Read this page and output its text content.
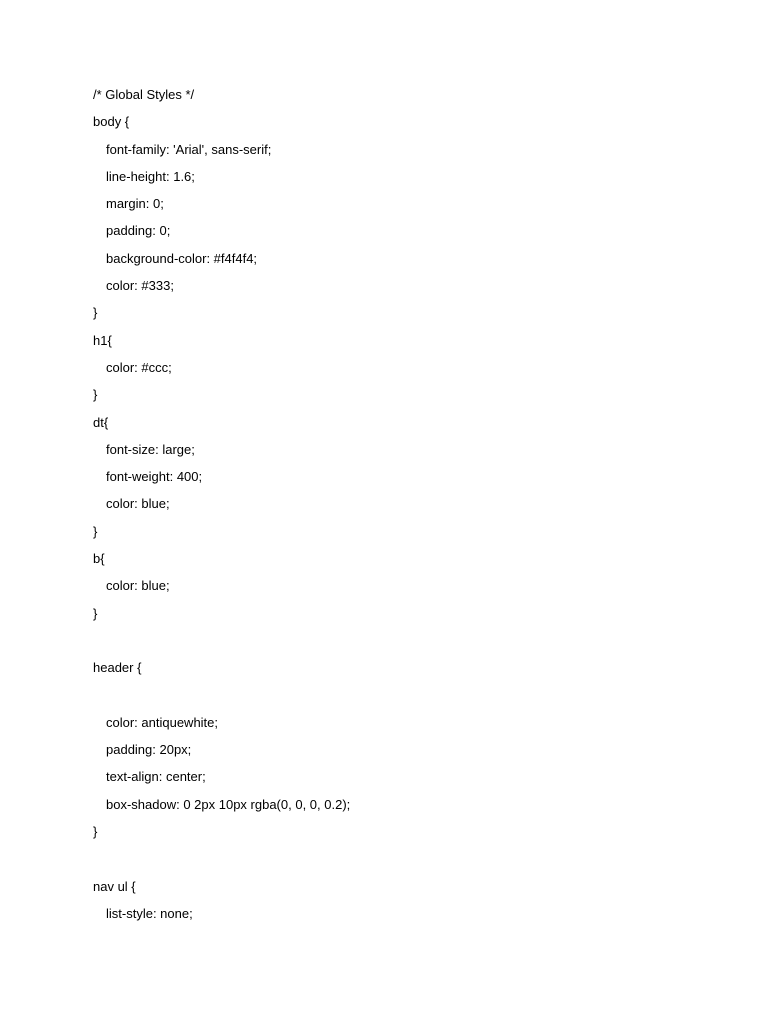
/* Global Styles */
body {
font-family: 'Arial', sans-serif;
line-height: 1.6;
margin: 0;
padding: 0;
background-color: #f4f4f4;
color: #333;
}
h1{
color: #ccc;
}
dt{
font-size: large;
font-weight: 400;
color: blue;
}
b{
color: blue;
}
header {
color: antiquewhite;
padding: 20px;
text-align: center;
box-shadow: 0 2px 10px rgba(0, 0, 0, 0.2);
}
nav ul {
list-style: none;
